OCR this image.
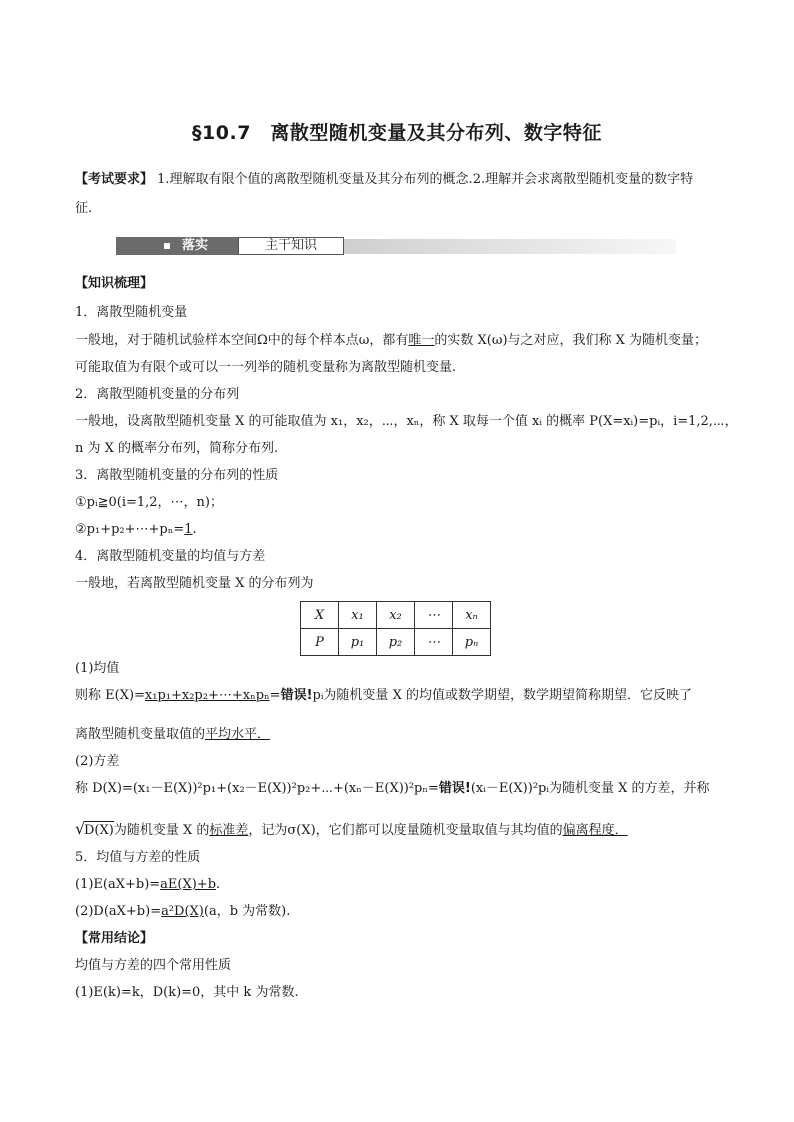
§10.7　离散型随机变量及其分布列、数字特征
【考试要求】 1.理解取有限个值的离散型随机变量及其分布列的概念.2.理解并会求离散型随机变量的数字特
征.
落实	主干知识
【知识梳理】
1．离散型随机变量
一般地，对于随机试验样本空间Ω中的每个样本点ω，都有唯一的实数 X(ω)与之对应，我们称 X 为随机变量；
可能取值为有限个或可以一一列举的随机变量称为离散型随机变量.
2．离散型随机变量的分布列
一般地，设离散型随机变量 X 的可能取值为 x₁，x₂，⋯，xₙ，称 X 取每一个值 xᵢ 的概率 P(X=xᵢ)=pᵢ，i=1,2,⋯，
n 为 X 的概率分布列，简称分布列.
3．离散型随机变量的分布列的性质
①pᵢ≧0(i=1,2，⋯，n)；
②p₁+p₂+⋯+pₙ=1.
4．离散型随机变量的均值与方差
一般地，若离散型随机变量 X 的分布列为
X	x₁	x₂	⋯	xₙ
P	p₁	p₂	⋯	pₙ
(1)均值
则称 E(X)=x₁p₁+x₂p₂+⋯+xₙpₙ=错误!pᵢ为随机变量 X 的均值或数学期望，数学期望简称期望．它反映了
离散型随机变量取值的平均水平．
(2)方差
称 D(X)=(x₁－E(X))²p₁+(x₂－E(X))²p₂+⋯+(xₙ－E(X))²pₙ=错误!(xᵢ－E(X))²pᵢ为随机变量 X 的方差，并称
√
D(X)为随机变量 X 的标准差，记为σ(X)，它们都可以度量随机变量取值与其均值的偏离程度．
5．均值与方差的性质
(1)E(aX+b)=aE(X)+b.
(2)D(aX+b)=a²D(X)(a，b 为常数).
【常用结论】
均值与方差的四个常用性质
(1)E(k)=k，D(k)=0，其中 k 为常数.
